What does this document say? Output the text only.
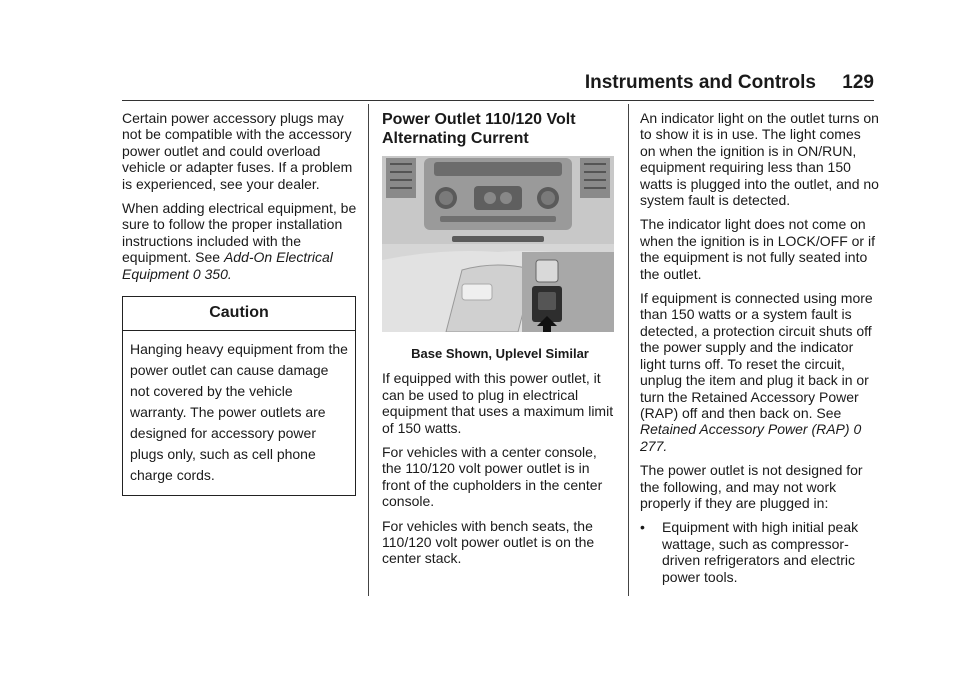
Instruments and Controls 129

Certain power accessory plugs may not be compatible with the accessory power outlet and could overload vehicle or adapter fuses. If a problem is experienced, see your dealer.

When adding electrical equipment, be sure to follow the proper installation instructions included with the equipment. See Add-On Electrical Equipment 0 350.

Caution
Hanging heavy equipment from the power outlet can cause damage not covered by the vehicle warranty. The power outlets are designed for accessory power plugs only, such as cell phone charge cords.
Power Outlet 110/120 Volt Alternating Current

Base Shown, Uplevel Similar

If equipped with this power outlet, it can be used to plug in electrical equipment that uses a maximum limit of 150 watts.

For vehicles with a center console, the 110/120 volt power outlet is in front of the cupholders in the center console.

For vehicles with bench seats, the 110/120 volt power outlet is on the center stack.

An indicator light on the outlet turns on to show it is in use. The light comes on when the ignition is in ON/RUN, equipment requiring less than 150 watts is plugged into the outlet, and no system fault is detected.

The indicator light does not come on when the ignition is in LOCK/OFF or if the equipment is not fully seated into the outlet.

If equipment is connected using more than 150 watts or a system fault is detected, a protection circuit shuts off the power supply and the indicator light turns off. To reset the circuit, unplug the item and plug it back in or turn the Retained Accessory Power (RAP) off and then back on. See Retained Accessory Power (RAP) 0 277.

The power outlet is not designed for the following, and may not work properly if they are plugged in:

•	Equipment with high initial peak wattage, such as compressor-driven refrigerators and electric power tools.
